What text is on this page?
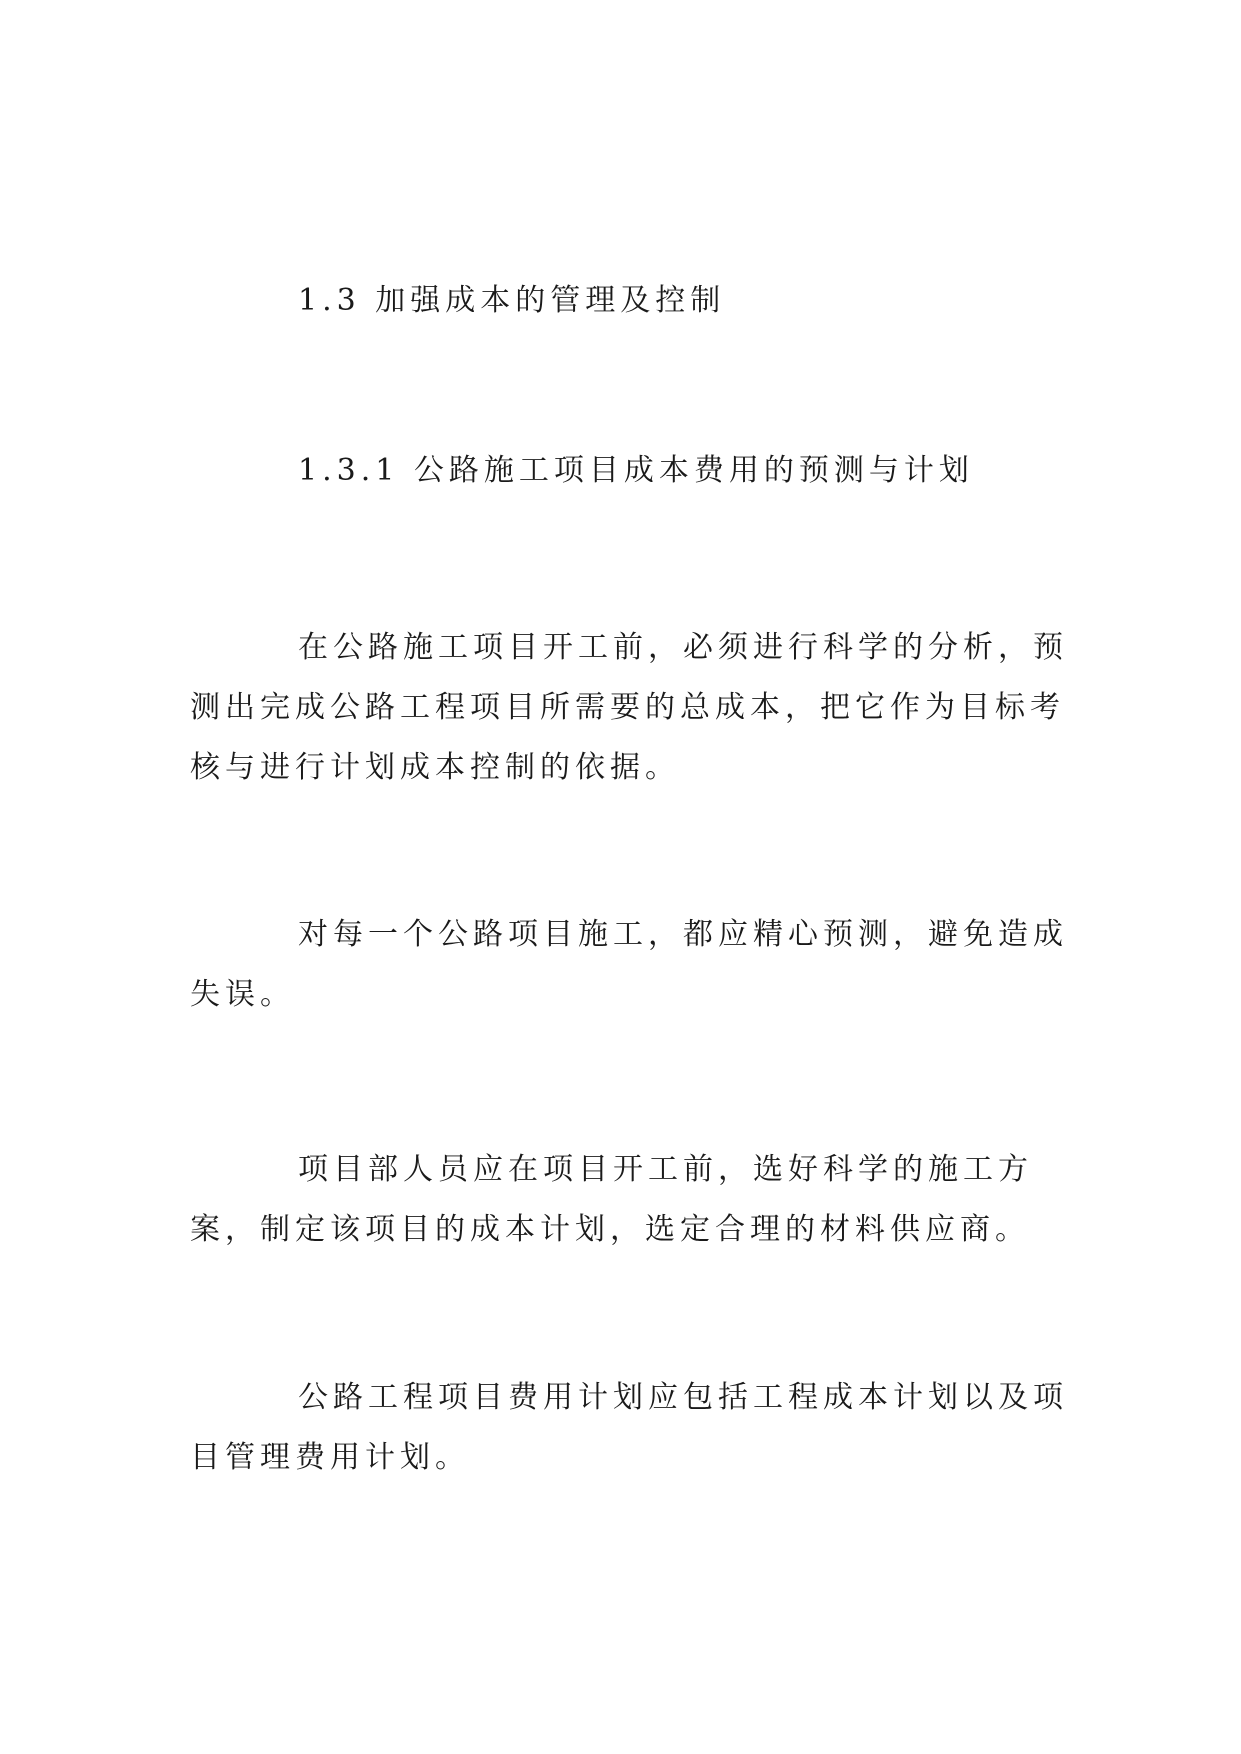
1.3 加强成本的管理及控制
1.3.1 公路施工项目成本费用的预测与计划

在公路施工项目开工前，必须进行科学的分析，预测出完成公路工程项目所需要的总成本，把它作为目标考核与进行计划成本控制的依据。

对每一个公路项目施工，都应精心预测，避免造成失误。

项目部人员应在项目开工前，选好科学的施工方案，制定该项目的成本计划，选定合理的材料供应商。

公路工程项目费用计划应包括工程成本计划以及项目管理费用计划。
